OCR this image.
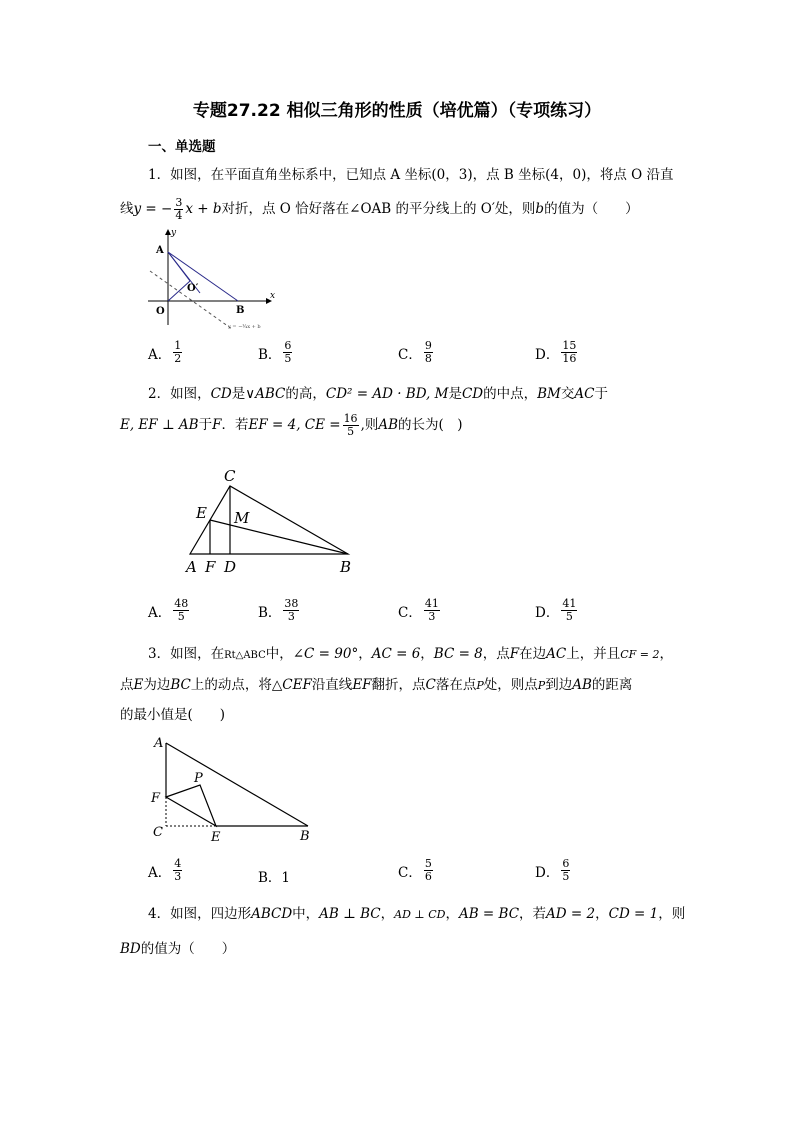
专题27.22 相似三角形的性质（培优篇）（专项练习）
一、单选题
1．如图，在平面直角坐标系中，已知点 A 坐标(0，3)，点 B 坐标(4，0)，将点 O 沿直
线y = − $\frac{3}{4}$ x + b对折，点 O 恰好落在∠OAB 的平分线上的 O′处，则b的值为（　　）
y
A
O′
x
O	B
y = −¾x + b
A． $\frac{1}{2}$	B． $\frac{6}{5}$	C． $\frac{9}{8}$	D． $\frac{15}{16}$
2．如图，CD是∨ABC的高，CD² = AD · BD, M是CD的中点，BM交AC于
E, EF ⊥ AB于F．若EF = 4, CE = $\frac{16}{5}$ ,则AB的长为(　)
C
E M
A F D	B
A． $\frac{48}{5}$	B． $\frac{38}{3}$	C． $\frac{41}{3}$	D． $\frac{41}{5}$
3．如图，在Rt△ABC中，∠C = 90°，AC = 6，BC = 8，点F在边AC上，并且CF = 2，
点E为边BC上的动点，将△CEF沿直线EF翻折，点C落在点P处，则点P到边AB的距离
的最小值是(　　)
A
P
F
C	E	B
A． $\frac{4}{3}$	B．1	C． $\frac{5}{6}$	D． $\frac{6}{5}$
4．如图，四边形ABCD中，AB ⊥ BC，AD ⊥ CD，AB = BC，若AD = 2，CD = 1，则
BD的值为（　　）
